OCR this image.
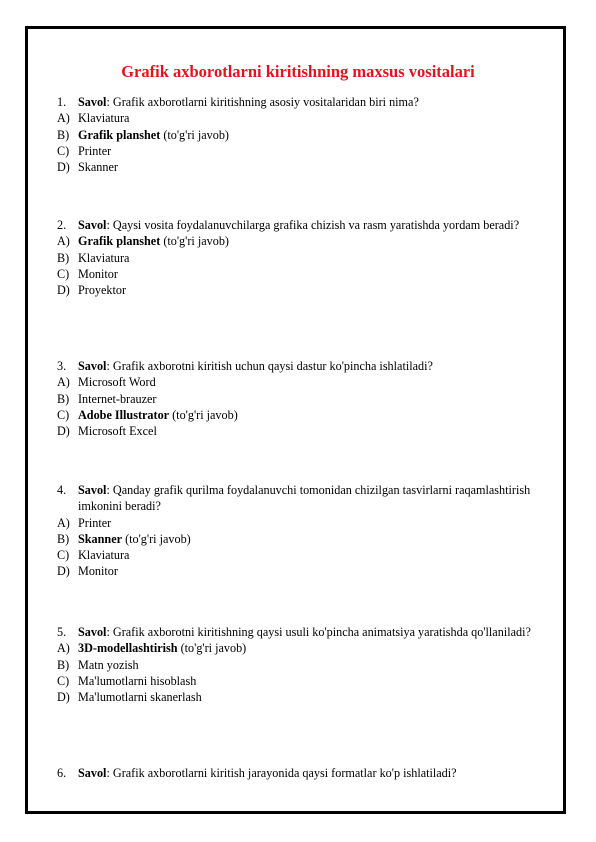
Grafik axborotlarni kiritishning maxsus vositalari
1. Savol: Grafik axborotlarni kiritishning asosiy vositalaridan biri nima?
A) Klaviatura
B) Grafik planshet (to'g'ri javob)
C) Printer
D) Skanner
2. Savol: Qaysi vosita foydalanuvchilarga grafika chizish va rasm yaratishda yordam beradi?
A) Grafik planshet (to'g'ri javob)
B) Klaviatura
C) Monitor
D) Proyektor
3. Savol: Grafik axborotni kiritish uchun qaysi dastur ko'pincha ishlatiladi?
A) Microsoft Word
B) Internet-brauzer
C) Adobe Illustrator (to'g'ri javob)
D) Microsoft Excel
4. Savol: Qanday grafik qurilma foydalanuvchi tomonidan chizilgan tasvirlarni raqamlashtirish imkonini beradi?
A) Printer
B) Skanner (to'g'ri javob)
C) Klaviatura
D) Monitor
5. Savol: Grafik axborotni kiritishning qaysi usuli ko'pincha animatsiya yaratishda qo'llaniladi?
A) 3D-modellashtirish (to'g'ri javob)
B) Matn yozish
C) Ma'lumotlarni hisoblash
D) Ma'lumotlarni skanerlash
6. Savol: Grafik axborotlarni kiritish jarayonida qaysi formatlar ko'p ishlatiladi?
